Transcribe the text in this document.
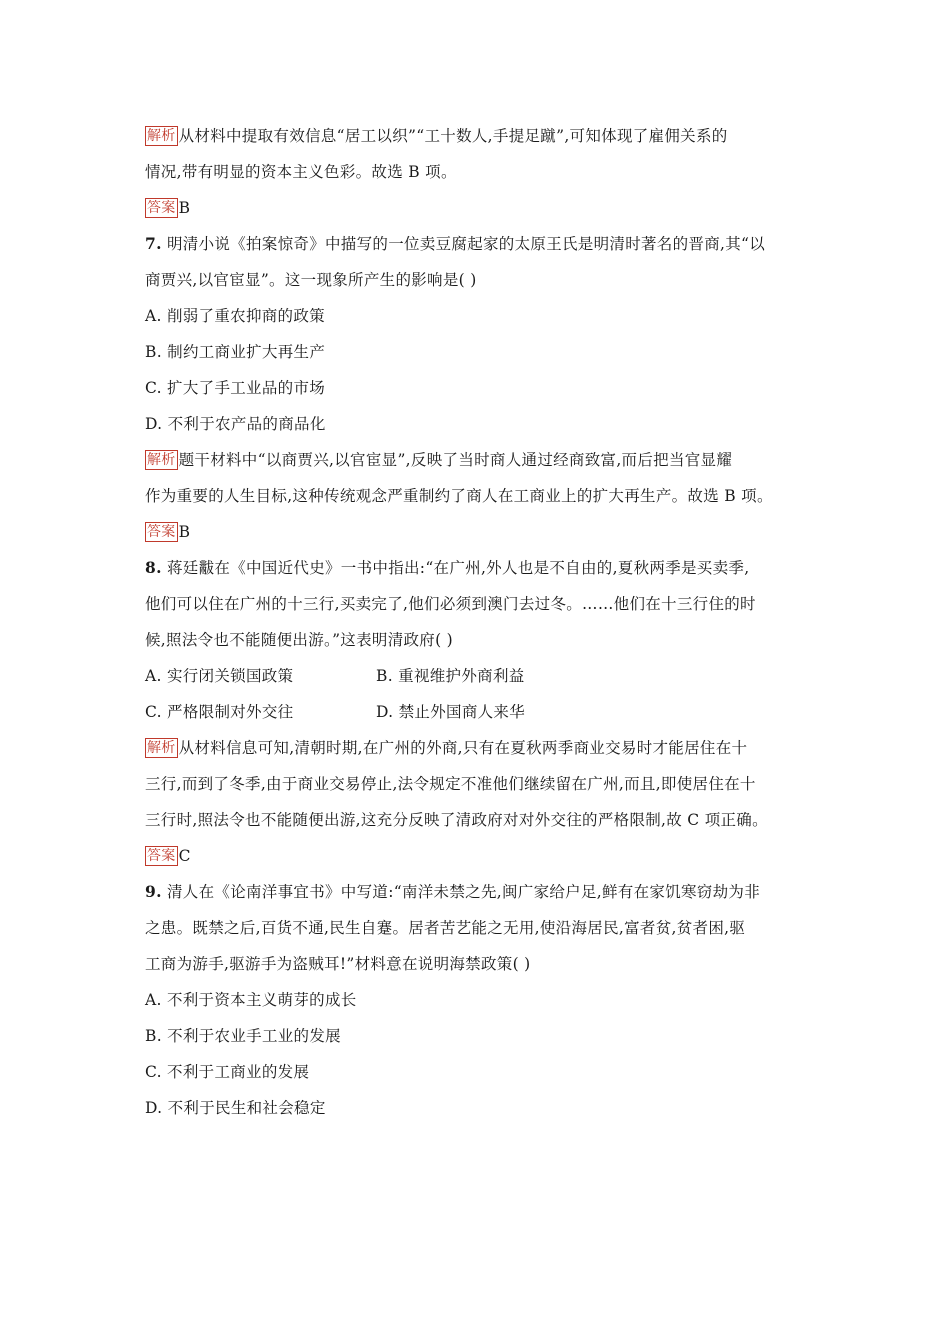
解析 从材料中提取有效信息“居工以织”“工十数人,手提足蹴”,可知体现了雇佣关系的

情况,带有明显的资本主义色彩。故选 B 项。

答案 B

7. 明清小说《拍案惊奇》中描写的一位卖豆腐起家的太原王氏是明清时著名的晋商,其“以

商贾兴,以官宦显”。这一现象所产生的影响是( )

A. 削弱了重农抑商的政策

B. 制约工商业扩大再生产

C. 扩大了手工业品的市场

D. 不利于农产品的商品化

解析 题干材料中“以商贾兴,以官宦显”,反映了当时商人通过经商致富,而后把当官显耀

作为重要的人生目标,这种传统观念严重制约了商人在工商业上的扩大再生产。故选 B 项。

答案 B

8. 蒋廷黻在《中国近代史》一书中指出:“在广州,外人也是不自由的,夏秋两季是买卖季,

他们可以住在广州的十三行,买卖完了,他们必须到澳门去过冬。……他们在十三行住的时

候,照法令也不能随便出游。”这表明清政府( )

A. 实行闭关锁国政策	B. 重视维护外商利益

C. 严格限制对外交往	D. 禁止外国商人来华

解析 从材料信息可知,清朝时期,在广州的外商,只有在夏秋两季商业交易时才能居住在十

三行,而到了冬季,由于商业交易停止,法令规定不准他们继续留在广州,而且,即使居住在十

三行时,照法令也不能随便出游,这充分反映了清政府对对外交往的严格限制,故 C 项正确。

答案 C

9. 清人在《论南洋事宜书》中写道:“南洋未禁之先,闽广家给户足,鲜有在家饥寒窃劫为非

之患。既禁之后,百货不通,民生自蹇。居者苦艺能之无用,使沿海居民,富者贫,贫者困,驱

工商为游手,驱游手为盗贼耳!”材料意在说明海禁政策( )

A. 不利于资本主义萌芽的成长

B. 不利于农业手工业的发展

C. 不利于工商业的发展

D. 不利于民生和社会稳定
